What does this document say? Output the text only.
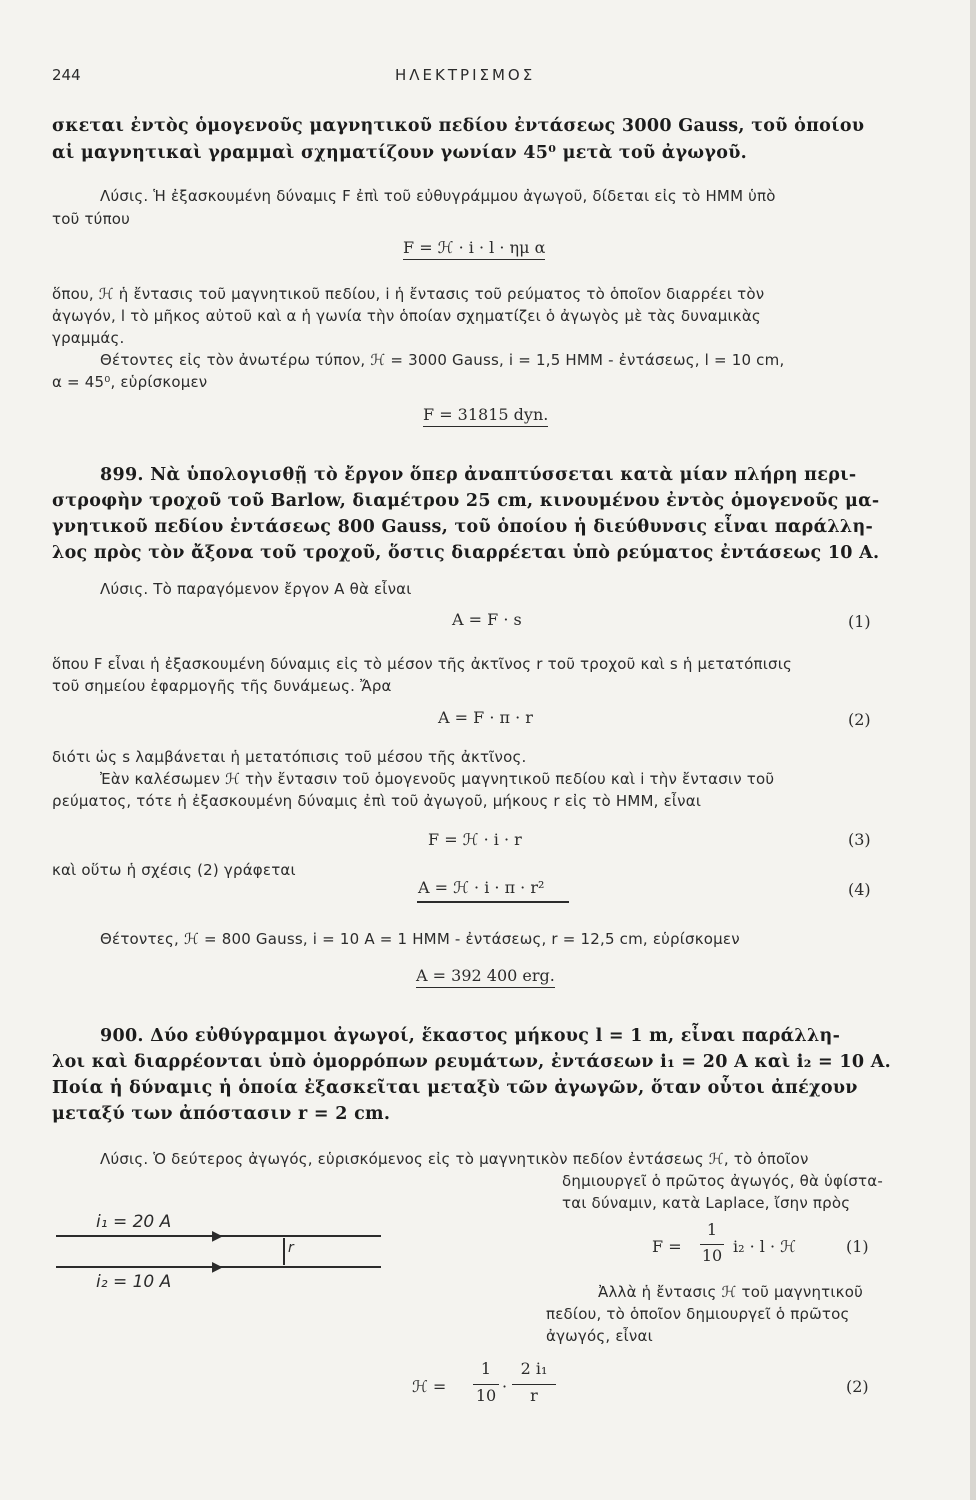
244	ΗΛΕΚΤΡΙΣΜΟΣ
σκεται ἐντὸς ὁμογενοῦς μαγνητικοῦ πεδίου ἐντάσεως 3000 Gauss, τοῦ ὁποίου
αἱ μαγνητικαὶ γραμμαὶ σχηματίζουν γωνίαν 45⁰ μετὰ τοῦ ἀγωγοῦ.
Λύσις. Ἡ ἐξασκουμένη δύναμις F ἐπὶ τοῦ εὐθυγράμμου ἀγωγοῦ, δίδεται εἰς τὸ ΗΜΜ ὑπὸ
τοῦ τύπου
F = ℋ · i · l · ημ α
ὅπου, ℋ ἡ ἔντασις τοῦ μαγνητικοῦ πεδίου, i ἡ ἔντασις τοῦ ρεύματος τὸ ὁποῖον διαρρέει τὸν
ἀγωγόν, l τὸ μῆκος αὐτοῦ καὶ α ἡ γωνία τὴν ὁποίαν σχηματίζει ὁ ἀγωγὸς μὲ τὰς δυναμικὰς
γραμμάς.
Θέτοντες εἰς τὸν ἀνωτέρω τύπον, ℋ = 3000 Gauss, i = 1,5 ΗΜΜ - ἐντάσεως, l = 10 cm,
α = 45⁰, εὑρίσκομεν
F = 31815 dyn.
899. Νὰ ὑπολογισθῇ τὸ ἔργον ὅπερ ἀναπτύσσεται κατὰ μίαν πλήρη περι-
στροφὴν τροχοῦ τοῦ Barlow, διαμέτρου 25 cm, κινουμένου ἐντὸς ὁμογενοῦς μα-
γνητικοῦ πεδίου ἐντάσεως 800 Gauss, τοῦ ὁποίου ἡ διεύθυνσις εἶναι παράλλη-
λος πρὸς τὸν ἄξονα τοῦ τροχοῦ, ὅστις διαρρέεται ὑπὸ ρεύματος ἐντάσεως 10 A.
Λύσις. Τὸ παραγόμενον ἔργον Α θὰ εἶναι
A = F · s	(1)
ὅπου F εἶναι ἡ ἐξασκουμένη δύναμις εἰς τὸ μέσον τῆς ἀκτῖνος r τοῦ τροχοῦ καὶ s ἡ μετατόπισις
τοῦ σημείου ἐφαρμογῆς τῆς δυνάμεως. Ἄρα
A = F · π · r	(2)
διότι ὡς s λαμβάνεται ἡ μετατόπισις τοῦ μέσου τῆς ἀκτῖνος.
Ἐὰν καλέσωμεν ℋ τὴν ἔντασιν τοῦ ὁμογενοῦς μαγνητικοῦ πεδίου καὶ i τὴν ἔντασιν τοῦ
ρεύματος, τότε ἡ ἐξασκουμένη δύναμις ἐπὶ τοῦ ἀγωγοῦ, μήκους r εἰς τὸ ΗΜΜ, εἶναι
F = ℋ · i · r	(3)
καὶ οὕτω ἡ σχέσις (2) γράφεται
A = ℋ · i · π · r²	(4)
Θέτοντες, ℋ = 800 Gauss, i = 10 A = 1 ΗΜΜ - ἐντάσεως, r = 12,5 cm, εὑρίσκομεν
A = 392 400 erg.
900. Δύο εὐθύγραμμοι ἀγωγοί, ἕκαστος μήκους l = 1 m, εἶναι παράλλη-
λοι καὶ διαρρέονται ὑπὸ ὁμορρόπων ρευμάτων, ἐντάσεων i₁ = 20 A καὶ i₂ = 10 A.
Ποία ἡ δύναμις ἡ ὁποία ἐξασκεῖται μεταξὺ τῶν ἀγωγῶν, ὅταν οὗτοι ἀπέχουν
μεταξύ των ἀπόστασιν r = 2 cm.
Λύσις. Ὁ δεύτερος ἀγωγός, εὑρισκόμενος εἰς τὸ μαγνητικὸν πεδίον ἐντάσεως ℋ, τὸ ὁποῖον
δημιουργεῖ ὁ πρῶτος ἀγωγός, θὰ ὑφίστα-
ται δύναμιν, κατὰ Laplace, ἴσην πρὸς
i₁ = 20 A
▶
▶
r
i₂ = 10 A
F =
1
10 i₂ · l · ℋ	(1)
Ἀλλὰ ἡ ἔντασις ℋ τοῦ μαγνητικοῦ
πεδίου, τὸ ὁποῖον δημιουργεῖ ὁ πρῶτος
ἀγωγός, εἶναι
ℋ =
1
10 ·
2 i₁
r	(2)
